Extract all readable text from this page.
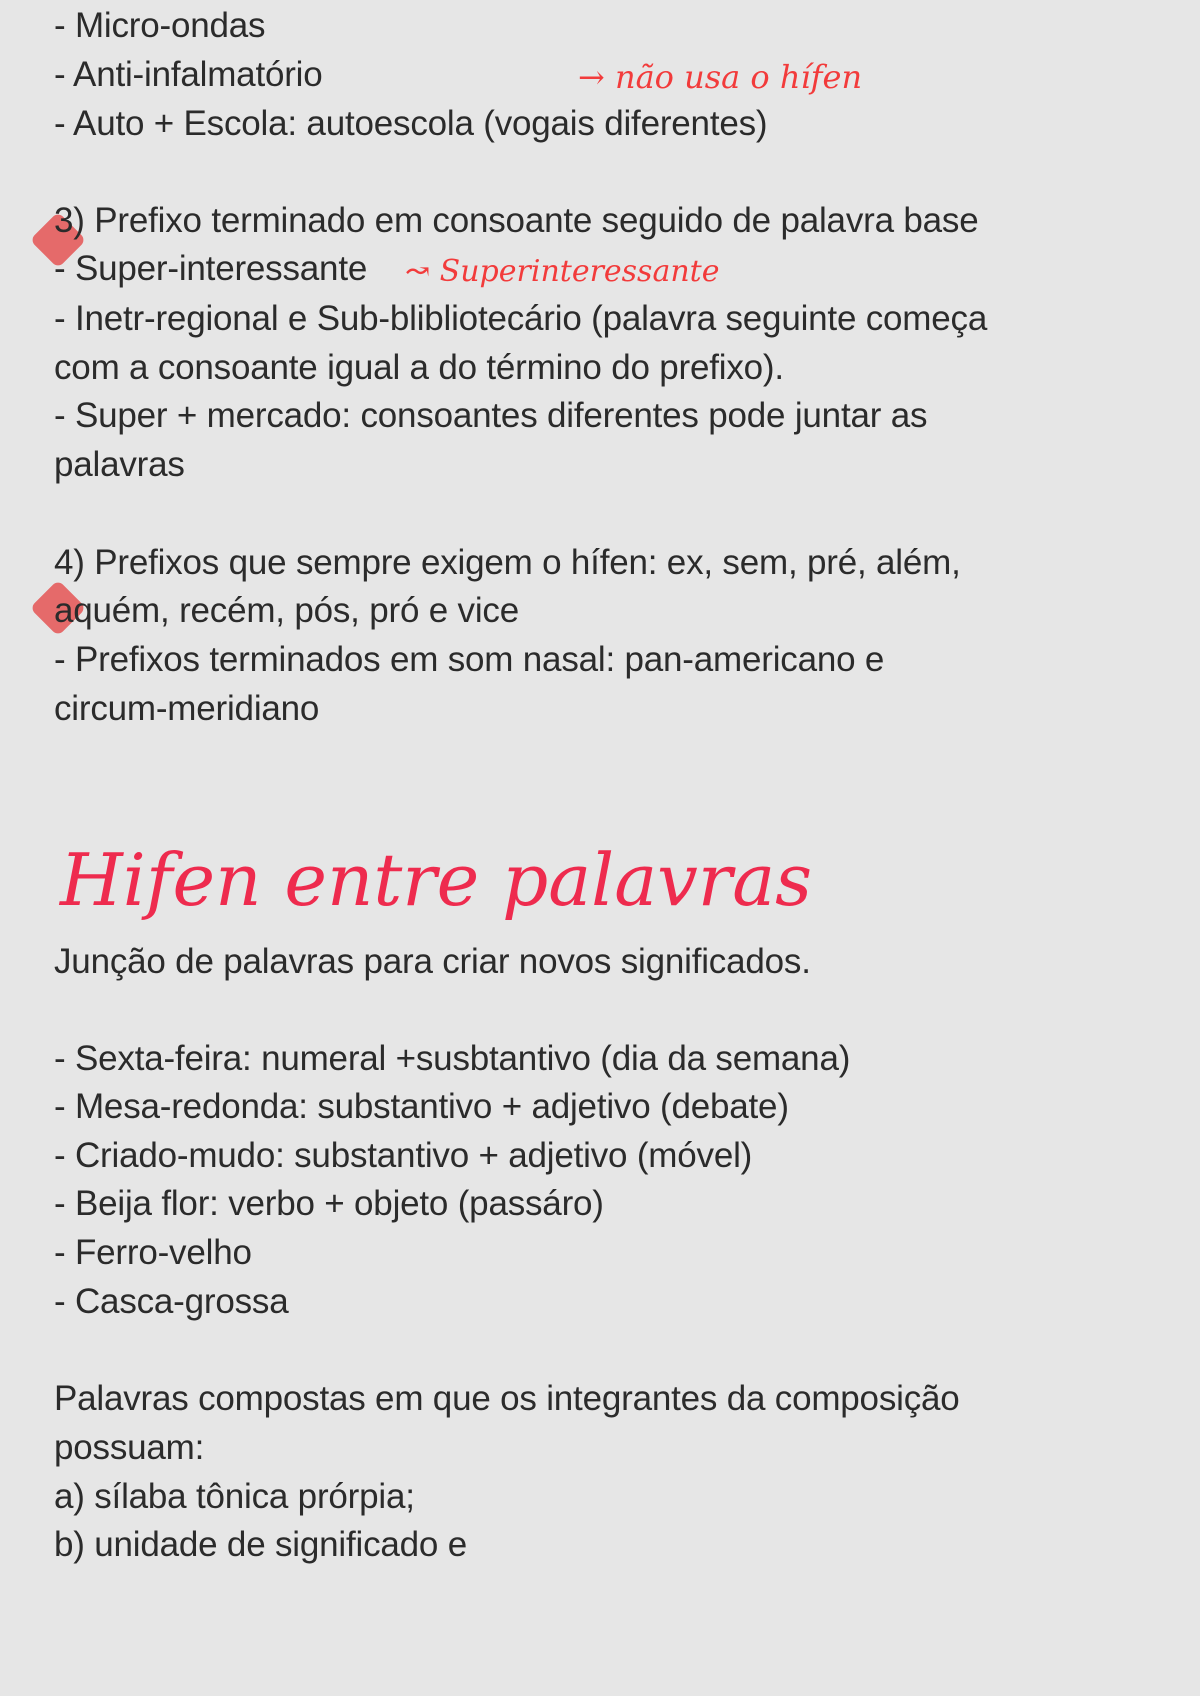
- Micro-ondas
- Anti-infalmatório	→ não usa o hífen
- Auto + Escola: autoescola (vogais diferentes)
3) Prefixo terminado em consoante seguido de palavra base
- Super-interessante ↝ Superinteressante
- Inetr-regional e Sub-blibliotecário (palavra seguinte começa
com a consoante igual a do término do prefixo).
- Super + mercado: consoantes diferentes pode juntar as
palavras
4) Prefixos que sempre exigem o hífen: ex, sem, pré, além,
aquém, recém, pós, pró e vice
- Prefixos terminados em som nasal: pan-americano e
circum-meridiano
Hifen entre palavras
Junção de palavras para criar novos significados.
- Sexta-feira: numeral +susbtantivo (dia da semana)
- Mesa-redonda: substantivo + adjetivo (debate)
- Criado-mudo: substantivo + adjetivo (móvel)
- Beija flor: verbo + objeto (passáro)
- Ferro-velho
- Casca-grossa
Palavras compostas em que os integrantes da composição
possuam:
a) sílaba tônica prórpia;
b) unidade de significado e
